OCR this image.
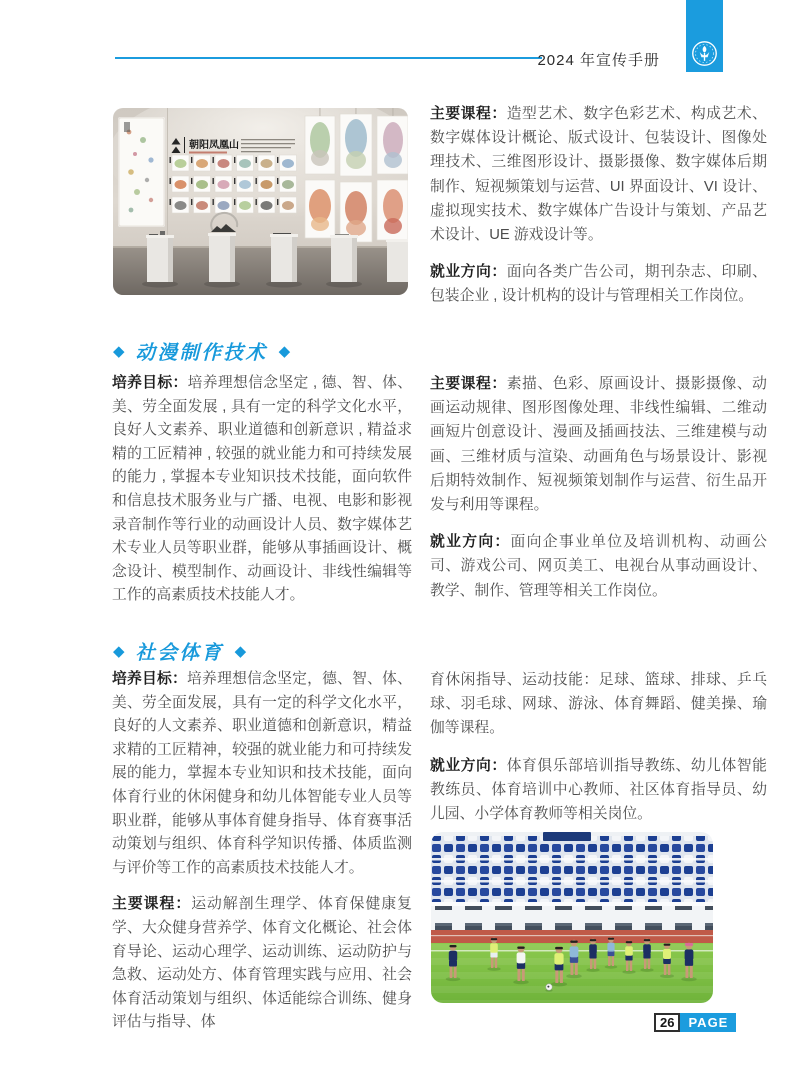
2024 年宣传手册
朝阳凤凰山

主要课程：造型艺术、数字色彩艺术、构成艺术、数字媒体设计概论、版式设计、包装设计、图像处理技术、三维图形设计、摄影摄像、数字媒体后期制作、短视频策划与运营、UI 界面设计、VI 设计、虚拟现实技术、数字媒体广告设计与策划、产品艺术设计、UE 游戏设计等。

就业方向：面向各类广告公司，期刊杂志、印刷、包装企业 , 设计机构的设计与管理相关工作岗位。

◆ 动漫制作技术 ◆

培养目标：培养理想信念坚定 , 德、智、体、美、劳全面发展 , 具有一定的科学文化水平，良好人文素养、职业道德和创新意识 , 精益求精的工匠精神 , 较强的就业能力和可持续发展的能力 , 掌握本专业知识技术技能，面向软件和信息技术服务业与广播、电视、电影和影视录音制作等行业的动画设计人员、数字媒体艺术专业人员等职业群，能够从事插画设计、概念设计、模型制作、动画设计、非线性编辑等工作的高素质技术技能人才。

主要课程：素描、色彩、原画设计、摄影摄像、动画运动规律、图形图像处理、非线性编辑、二维动画短片创意设计、漫画及插画技法、三维建模与动画、三维材质与渲染、动画角色与场景设计、影视后期特效制作、短视频策划制作与运营、衍生品开发与利用等课程。

就业方向：面向企事业单位及培训机构、动画公司、游戏公司、网页美工、电视台从事动画设计、教学、制作、管理等相关工作岗位。

◆ 社会体育 ◆

培养目标：培养理想信念坚定，德、智、体、美、劳全面发展，具有一定的科学文化水平，良好的人文素养、职业道德和创新意识，精益求精的工匠精神，较强的就业能力和可持续发展的能力，掌握本专业知识和技术技能，面向体育行业的休闲健身和幼儿体智能专业人员等职业群，能够从事体育健身指导、体育赛事活动策划与组织、体育科学知识传播、体质监测与评价等工作的高素质技术技能人才。

主要课程：运动解剖生理学、体育保健康复学、大众健身营养学、体育文化概论、社会体育导论、运动心理学、运动训练、运动防护与急救、运动处方、体育管理实践与应用、社会体育活动策划与组织、体适能综合训练、健身评估与指导、体

育休闲指导、运动技能：足球、篮球、排球、乒乓球、羽毛球、网球、游泳、体育舞蹈、健美操、瑜伽等课程。

就业方向：体育俱乐部培训指导教练、幼儿体智能教练员、体育培训中心教师、社区体育指导员、幼儿园、小学体育教师等相关岗位。

26	PAGE
